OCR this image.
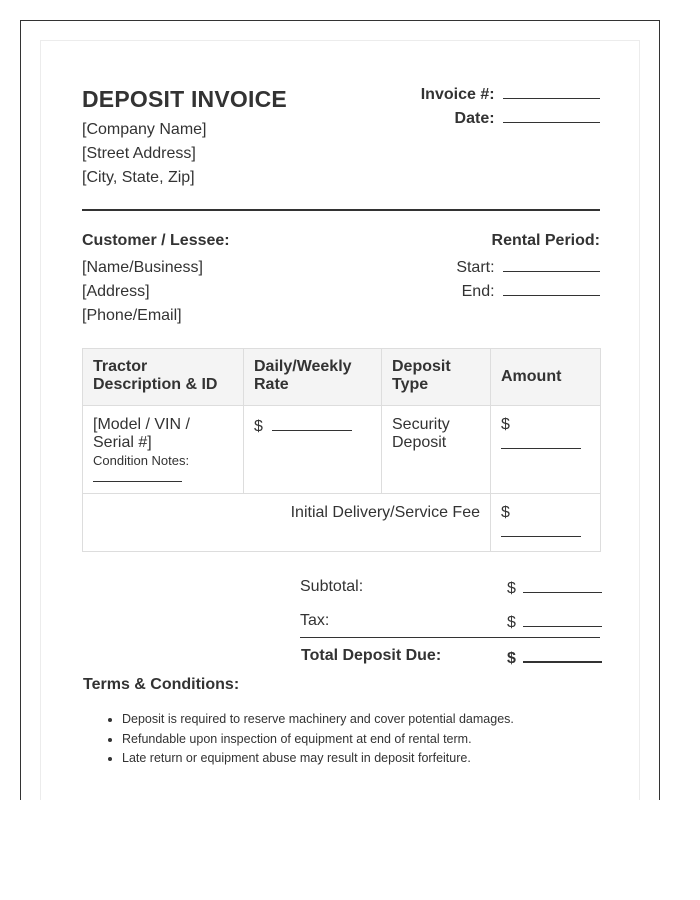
DEPOSIT INVOICE
[Company Name]
[Street Address]
[City, State, Zip]
Invoice #:
Date:
Customer / Lessee:
[Name/Business]
[Address]
[Phone/Email]
Rental Period:
Start:
End:
Tractor Description & ID	Daily/Weekly Rate	Deposit Type	Amount

[Model / VIN / Serial #]
Condition Notes:	$	Security Deposit	$

Initial Delivery/Service Fee			$
Subtotal:	$
Tax:	$
Total Deposit Due:	$
Terms & Conditions:
• Deposit is required to reserve machinery and cover potential damages.
• Refundable upon inspection of equipment at end of rental term.
• Late return or equipment abuse may result in deposit forfeiture.
